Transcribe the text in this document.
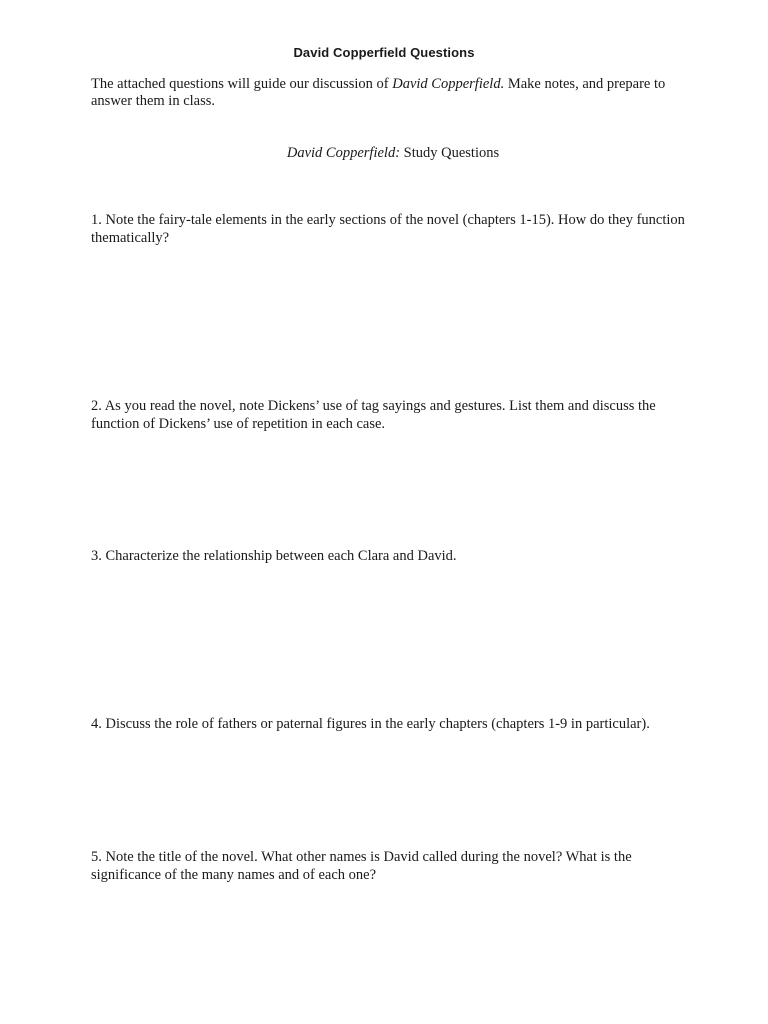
David Copperfield Questions

The attached questions will guide our discussion of David Copperfield. Make notes, and prepare to answer them in class.

David Copperfield: Study Questions

1. Note the fairy-tale elements in the early sections of the novel (chapters 1-15). How do they function thematically?

2. As you read the novel, note Dickens’ use of tag sayings and gestures. List them and discuss the function of Dickens’ use of repetition in each case.

3. Characterize the relationship between each Clara and David.

4. Discuss the role of fathers or paternal figures in the early chapters (chapters 1-9 in particular).

5. Note the title of the novel. What other names is David called during the novel? What is the significance of the many names and of each one?
